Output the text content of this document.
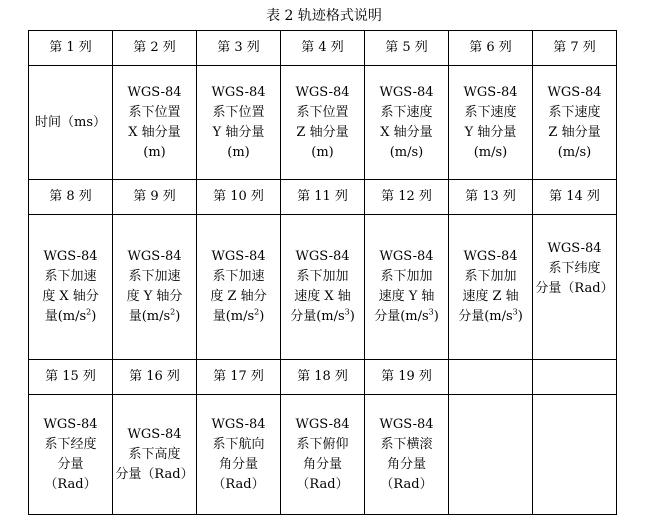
表 2 轨迹格式说明
第 1 列	第 2 列	第 3 列	第 4 列	第 5 列	第 6 列	第 7 列

时间（ms）	WGS-84
系下位置
X 轴分量
(m)	WGS-84
系下位置
Y 轴分量
(m)	WGS-84
系下位置
Z 轴分量
(m)	WGS-84
系下速度
X 轴分量
(m/s)	WGS-84
系下速度
Y 轴分量
(m/s)	WGS-84
系下速度
Z 轴分量
(m/s)

第 8 列	第 9 列	第 10 列	第 11 列	第 12 列	第 13 列	第 14 列

WGS-84
系下加速
度 X 轴分
量$(m/s^2)$	WGS-84
系下加速
度 Y 轴分
量$(m/s^2)$	WGS-84
系下加速
度 Z 轴分
量$(m/s^2)$	WGS-84
系下加加
速度 X 轴
分量$(m/s^3)$	WGS-84
系下加加
速度 Y 轴
分量$(m/s^3)$	WGS-84
系下加加
速度 Z 轴
分量$(m/s^3)$	WGS-84
系下纬度
分量（Rad）

第 15 列	第 16 列	第 17 列	第 18 列	第 19 列		

WGS-84
系下经度
分量
（Rad）	WGS-84
系下高度
分量（Rad）	WGS-84
系下航向
角分量
（Rad）	WGS-84
系下俯仰
角分量
（Rad）	WGS-84
系下横滚
角分量
（Rad）		
